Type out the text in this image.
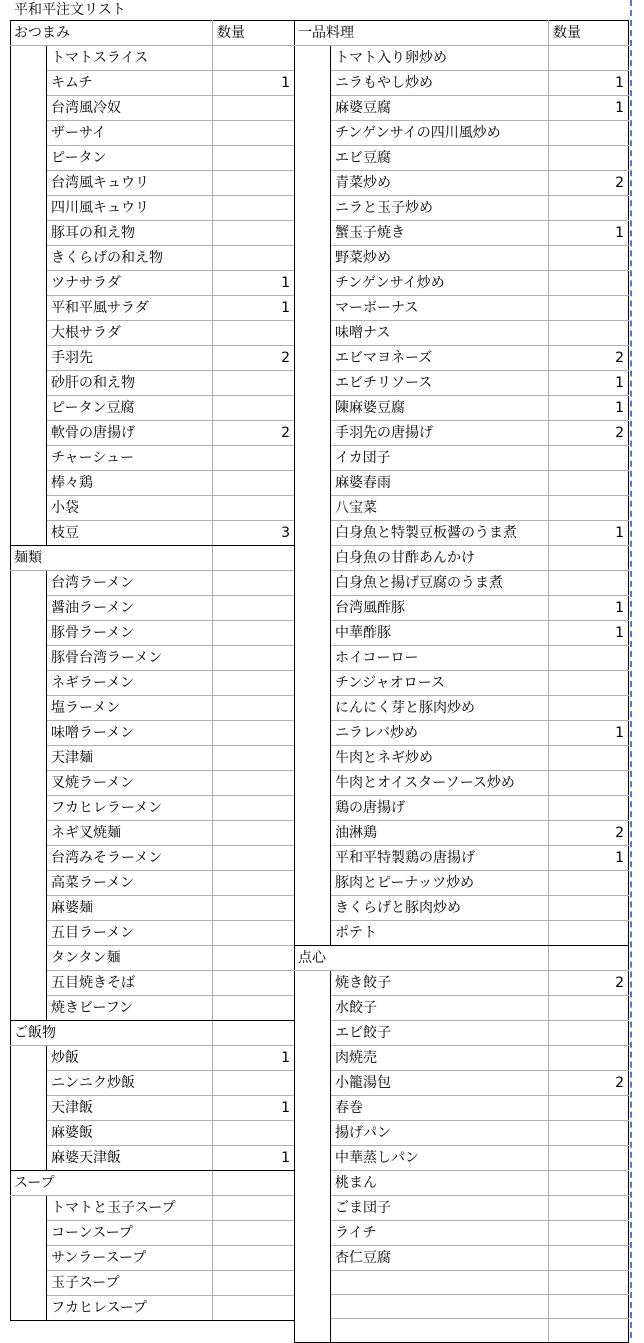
平和平注文リスト
おつまみ		数量
	トマトスライス	
	キムチ	1
	台湾風冷奴	
	ザーサイ	
	ピータン	
	台湾風キュウリ	
	四川風キュウリ	
	豚耳の和え物	
	きくらげの和え物	
	ツナサラダ	1
	平和平風サラダ	1
	大根サラダ	
	手羽先	2
	砂肝の和え物	
	ピータン豆腐	
	軟骨の唐揚げ	2
	チャーシュー	
	棒々鶏	
	小袋	
	枝豆	3
麺類		
	台湾ラーメン	
	醤油ラーメン	
	豚骨ラーメン	
	豚骨台湾ラーメン	
	ネギラーメン	
	塩ラーメン	
	味噌ラーメン	
	天津麺	
	叉焼ラーメン	
	フカヒレラーメン	
	ネギ叉焼麺	
	台湾みそラーメン	
	高菜ラーメン	
	麻婆麺	
	五目ラーメン	
	タンタン麺	
	五目焼きそば	
	焼きビーフン	
ご飯物		
	炒飯	1
	ニンニク炒飯	
	天津飯	1
	麻婆飯	
	麻婆天津飯	1
スープ		
	トマトと玉子スープ	
	コーンスープ	
	サンラースープ	
	玉子スープ	
	フカヒレスープ	
一品料理		数量
	トマト入り卵炒め	
	ニラもやし炒め	1
	麻婆豆腐	1
	チンゲンサイの四川風炒め	
	エビ豆腐	
	青菜炒め	2
	ニラと玉子炒め	
	蟹玉子焼き	1
	野菜炒め	
	チンゲンサイ炒め	
	マーボーナス	
	味噌ナス	
	エビマヨネーズ	2
	エビチリソース	1
	陳麻婆豆腐	1
	手羽先の唐揚げ	2
	イカ団子	
	麻婆春雨	
	八宝菜	
	白身魚と特製豆板醤のうま煮	1
	白身魚の甘酢あんかけ	
	白身魚と揚げ豆腐のうま煮	
	台湾風酢豚	1
	中華酢豚	1
	ホイコーロー	
	チンジャオロース	
	にんにく芽と豚肉炒め	
	ニラレバ炒め	1
	牛肉とネギ炒め	
	牛肉とオイスターソース炒め	
	鶏の唐揚げ	
	油淋鶏	2
	平和平特製鶏の唐揚げ	1
	豚肉とピーナッツ炒め	
	きくらげと豚肉炒め	
	ポテト	
点心		
	焼き餃子	2
	水餃子	
	エビ餃子	
	肉焼売	
	小籠湯包	2
	春巻	
	揚げパン	
	中華蒸しパン	
	桃まん	
	ごま団子	
	ライチ	
	杏仁豆腐	
